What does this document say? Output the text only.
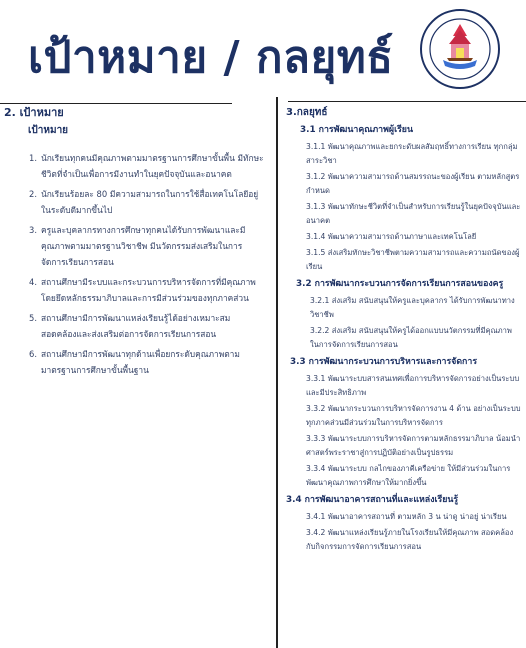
เป้าหมาย / กลยุทธ์
2. เป้าหมาย
เป้าหมาย
1. นักเรียนทุกคนมีคุณภาพตามมาตรฐานการศึกษาขั้นพื้น มีทักษะชีวิตที่จำเป็นเพื่อการมีงานทำในยุคปัจจุบันและอนาคต
2. นักเรียนร้อยละ 80 มีความสามารถในการใช้สื่อเทคโนโลยีอยู่ในระดับดีมากขึ้นไป
3. ครูและบุคลากรทางการศึกษาทุกคนได้รับการพัฒนาและมีคุณภาพตามมาตรฐานวิชาชีพ มีนวัตกรรมส่งเสริมในการจัดการเรียนการสอน
4. สถานศึกษามีระบบและกระบวนการบริหารจัดการที่มีคุณภาพ โดยยึดหลักธรรมาภิบาลและการมีส่วนร่วมของทุกภาคส่วน
5. สถานศึกษามีการพัฒนาแหล่งเรียนรู้ได้อย่างเหมาะสม สอดคล้องและส่งเสริมต่อการจัดการเรียนการสอน
6. สถานศึกษามีการพัฒนาทุกด้านเพื่อยกระดับคุณภาพตามมาตรฐานการศึกษาขั้นพื้นฐาน
3.กลยุทธ์
3.1 การพัฒนาคุณภาพผู้เรียน
3.1.1 พัฒนาคุณภาพและยกระดับผลสัมฤทธิ์ทางการเรียน ทุกกลุ่มสาระวิชา
3.1.2 พัฒนาความสามารถด้านสมรรถนะของผู้เรียน ตามหลักสูตรกำหนด
3.1.3 พัฒนาทักษะชีวิตที่จำเป็นสำหรับการเรียนรู้ในยุคปัจจุบันและอนาคต
3.1.4 พัฒนาความสามารถด้านภาษาและเทคโนโลยี
3.1.5 ส่งเสริมทักษะวิชาชีพตามความสามารถและความถนัดของผู้เรียน
3.2 การพัฒนากระบวนการจัดการเรียนการสอนของครู
3.2.1 ส่งเสริม สนับสนุนให้ครูและบุคลากร ได้รับการพัฒนาทางวิชาชีพ
3.2.2 ส่งเสริม สนับสนุนให้ครูได้ออกแบบนวัตกรรมที่มีคุณภาพ ในการจัดการเรียนการสอน
3.3 การพัฒนากระบวนการบริหารและการจัดการ
3.3.1 พัฒนาระบบสารสนเทศเพื่อการบริหารจัดการอย่างเป็นระบบและมีประสิทธิภาพ
3.3.2 พัฒนากระบวนการบริหารจัดการงาน 4 ด้าน อย่างเป็นระบบ ทุกภาคส่วนมีส่วนร่วมในการบริหารจัดการ
3.3.3 พัฒนาระบบการบริหารจัดการตามหลักธรรมาภิบาล น้อมนำศาสตร์พระราชาสู่การปฏิบัติอย่างเป็นรูปธรรม
3.3.4 พัฒนาระบบ กลไกของภาคีเครือข่าย ให้มีส่วนร่วมในการพัฒนาคุณภาพการศึกษาให้มากยิ่งขึ้น
3.4 การพัฒนาอาคารสถานที่และแหล่งเรียนรู้
3.4.1 พัฒนาอาคารสถานที่ ตามหลัก 3 น น่าดู น่าอยู่ น่าเรียน
3.4.2 พัฒนาแหล่งเรียนรู้ภายในโรงเรียนให้มีคุณภาพ สอดคล้องกับกิจกรรมการจัดการเรียนการสอน
